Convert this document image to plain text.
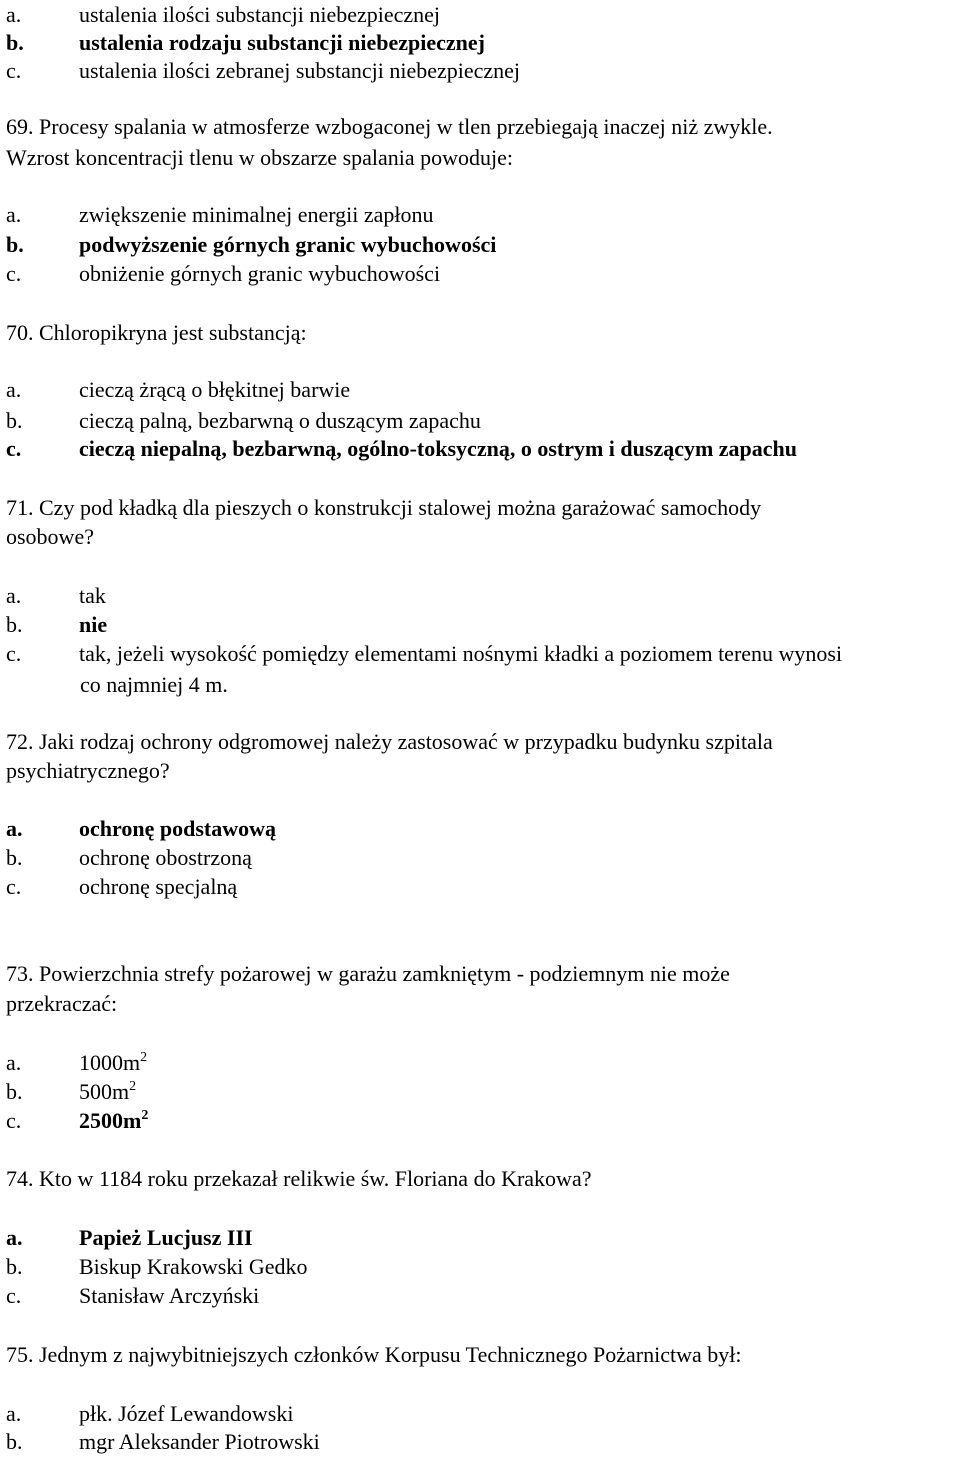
a.	ustalenia ilości substancji niebezpiecznej
b.	ustalenia rodzaju substancji niebezpiecznej
c.	ustalenia ilości zebranej substancji niebezpiecznej
69. Procesy spalania w atmosferze wzbogaconej w tlen przebiegają inaczej niż zwykle.
Wzrost koncentracji tlenu w obszarze spalania powoduje:
a.	zwiększenie minimalnej energii zapłonu
b.	podwyższenie górnych granic wybuchowości
c.	obniżenie górnych granic wybuchowości
70. Chloropikryna jest substancją:
a.	cieczą żrącą o błękitnej barwie
b.	cieczą palną, bezbarwną o duszącym zapachu
c.	cieczą niepalną, bezbarwną, ogólno-toksyczną, o ostrym i duszącym zapachu
71. Czy pod kładką dla pieszych o konstrukcji stalowej można garażować samochody
osobowe?
a.	tak
b.	nie
c.	tak, jeżeli wysokość pomiędzy elementami nośnymi kładki a poziomem terenu wynosi
co najmniej 4 m.
72. Jaki rodzaj ochrony odgromowej należy zastosować w przypadku budynku szpitala
psychiatrycznego?
a.	ochronę podstawową
b.	ochronę obostrzoną
c.	ochronę specjalną
73. Powierzchnia strefy pożarowej w garażu zamkniętym - podziemnym nie może
przekraczać:
a.	$1000m^2$
b.	$500m^2$
c.	$2500m^2$
74. Kto w 1184 roku przekazał relikwie św. Floriana do Krakowa?
a.	Papież Lucjusz III
b.	Biskup Krakowski Gedko
c.	Stanisław Arczyński
75. Jednym z najwybitniejszych członków Korpusu Technicznego Pożarnictwa był:
a.	płk. Józef Lewandowski
b.	mgr Aleksander Piotrowski
